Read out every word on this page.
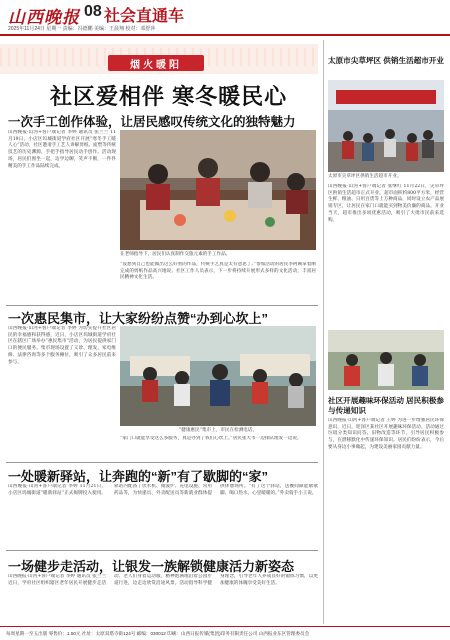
山西晚报 08 社会直通车
2025年11月24日 星期一 责编：冯德鹏 美编：王晨翔 校对：邓舒萍
烟火暖阳
社区爱相伴 寒冬暖民心
一次手工创作体验，让居民感叹传统文化的独特魅力
山西晚报·山河+客户端记者 李婷 通讯员 张兰兰 11月19日，小店区坞城街道学府社区开展“寒冬手工暖人心”活动，社区邀请手工艺人讲解剪纸、面塑等传统技艺的历史渊源，手把手指导居民动手创作。活动现场，居民们围坐一起，边学边聊，笑声不断，一件件精美的手工作品陆续完成。
在老师指导下，居民们认真制作交旅元素的手工作品。
“没想到自己也能做出这么好看的作品，传统手艺真是太有意思了。”参加活动的居民李阿姨拿着刚完成的剪纸作品高兴地说。社区工作人员表示，下一步将持续开展形式多样的文化活动，丰富居民精神文化生活。
一次惠民集市，让大家纷纷点赞“办到心坎上”
山西晚报·山河+客户端记者 李婷 为切实提升社区居民的幸福感和获得感，近日，小店区坞城街道学府社区在辖区广场举办“惠民集市”活动，为居民提供家门口的便民服务。集市现场设置了义诊、理发、家电维修、法律咨询等多个服务摊位，吸引了众多居民前来参与。
“健康惠民”集市上，市民在检测电话。
“家门口就能享受这么多服务，真是办到了我们心坎上。”居民张大爷一边排队理发一边说。
一处暖新驿站，让奔跑的“新”有了歇脚的“家”
山西晚报·山河+客户端记者 李婷 11月21日，小店区坞城街道“暖新驿站”正式揭牌投入使用。驿站内配备了饮水机、微波炉、充电设施、常用药品等，为快递员、外卖配送员等新就业群体提供休憩场所。“有了这个驿站，送餐间隙能歇歇脚、喝口热水，心里暖暖的。”外卖骑手小王说。
一场健步走活动，让银发一族解锁健康活力新姿态
山西晚报·山河+客户端记者 李婷 通讯员 张兰兰 近日，学府社区组织辖区老年居民开展健步走活动。老人们身着运动服，精神饱满地沿着公园步道行进，边走边欣赏沿途风景。活动倡导科学健身理念，引导老年人养成良好的锻炼习惯，以更加健康的体魄享受美好生活。
太原市尖草坪区 供销生活超市开业
太原市尖草坪区供销生活超市开业。
山西晚报·山河+客户端记者 张继红 11月22日，尖草坪区供销生活超市正式开业。超市面积约800平方米，经营生鲜、粮油、日用百货等上万种商品，同时设立农产品展销专区，让居民在家门口就能买到物美价廉的商品。开业当天，超市推出多项优惠活动，吸引了大批市民前来选购。
社区开展趣味环保活动 居民积极参与传递知识
山西晚报·山河+客户端记者 王婷 为进一步增强居民环保意识，近日，迎泽区某社区开展趣味环保活动。活动通过垃圾分类知识问答、旧物改造等环节，引导居民积极参与，在潜移默化中传递环保知识。居民们纷纷表示，今后要从身边小事做起，为建设美丽家园贡献力量。
每周星期一至五出版 零售价：1.50元 社址：太原双塔寺街124号 邮编：030012 印刷：山西日报传媒(集团)印务有限责任公司 山西报业东区管理委员会
